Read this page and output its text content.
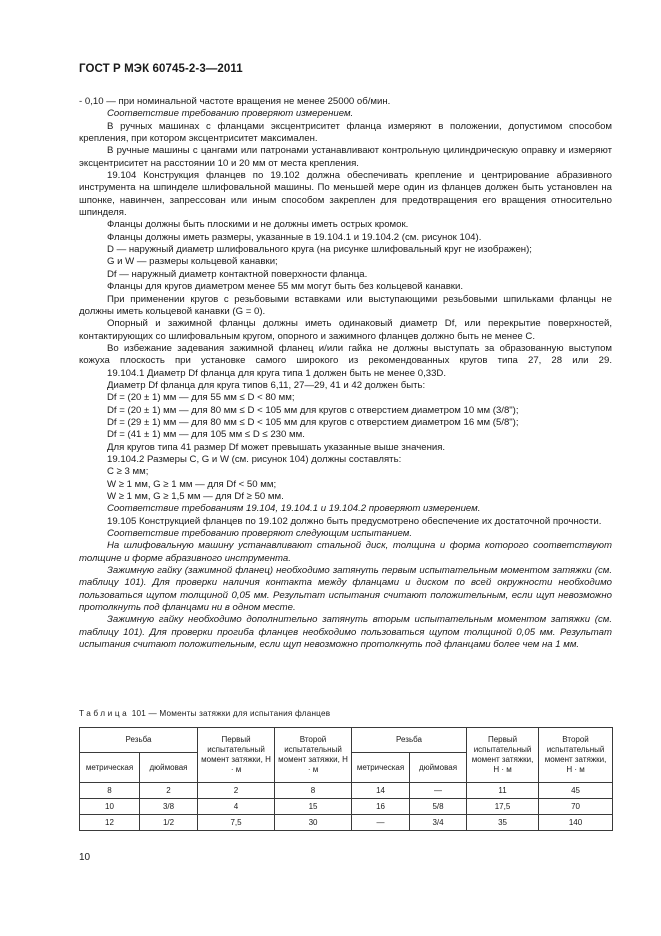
ГОСТ Р МЭК 60745-2-3—2011

- 0,10 — при номинальной частоте вращения не менее 25000 об/мин.

Соответствие требованию проверяют измерением.

В ручных машинах с фланцами эксцентриситет фланца измеряют в положении, допустимом способом крепления, при котором эксцентриситет максимален.

В ручные машины с цангами или патронами устанавливают контрольную цилиндрическую оправку и измеряют эксцентриситет на расстоянии 10 и 20 мм от места крепления.

19.104 Конструкция фланцев по 19.102 должна обеспечивать крепление и центрирование абразивного инструмента на шпинделе шлифовальной машины. По меньшей мере один из фланцев должен быть установлен на шпонке, навинчен, запрессован или иным способом закреплен для предотвращения его вращения относительно шпинделя.

Фланцы должны быть плоскими и не должны иметь острых кромок.

Фланцы должны иметь размеры, указанные в 19.104.1 и 19.104.2 (см. рисунок 104).

D — наружный диаметр шлифовального круга (на рисунке шлифовальный круг не изображен);

G и W — размеры кольцевой канавки;

Df — наружный диаметр контактной поверхности фланца.

Фланцы для кругов диаметром менее 55 мм могут быть без кольцевой канавки.

При применении кругов с резьбовыми вставками или выступающими резьбовыми шпильками фланцы не должны иметь кольцевой канавки (G = 0).

Опорный и зажимной фланцы должны иметь одинаковый диаметр Df, или перекрытие поверхностей, контактирующих со шлифовальным кругом, опорного и зажимного фланцев должно быть не менее C.

Во избежание задевания зажимной фланец и/или гайка не должны выступать за образованную выступом кожуха плоскость при установке самого широкого из рекомендованных кругов типа 27, 28 или 29.

19.104.1 Диаметр Df фланца для круга типа 1 должен быть не менее 0,33D.

Диаметр Df фланца для круга типов 6,11, 27—29, 41 и 42 должен быть:

Df = (20 ± 1) мм — для 55 мм ≤ D < 80 мм;

Df = (20 ± 1) мм — для 80 мм ≤ D < 105 мм для кругов с отверстием диаметром 10 мм (3/8");

Df = (29 ± 1) мм — для 80 мм ≤ D < 105 мм для кругов с отверстием диаметром 16 мм (5/8");

Df = (41 ± 1) мм — для 105 мм ≤ D ≤ 230 мм.

Для кругов типа 41 размер Df может превышать указанные выше значения.

19.104.2 Размеры C, G и W (см. рисунок 104) должны составлять:

C ≥ 3 мм;

W ≥ 1 мм, G ≥ 1 мм — для Df < 50 мм;

W ≥ 1 мм, G ≥ 1,5 мм — для Df ≥ 50 мм.

Соответствие требованиям 19.104, 19.104.1 и 19.104.2 проверяют измерением.

19.105 Конструкцией фланцев по 19.102 должно быть предусмотрено обеспечение их достаточной прочности.

Соответствие требованию проверяют следующим испытанием.

На шлифовальную машину устанавливают стальной диск, толщина и форма которого соответствуют толщине и форме абразивного инструмента.

Зажимную гайку (зажимной фланец) необходимо затянуть первым испытательным моментом затяжки (см. таблицу 101). Для проверки наличия контакта между фланцами и диском по всей окружности необходимо пользоваться щупом толщиной 0,05 мм. Результат испытания считают положительным, если щуп невозможно протолкнуть под фланцами ни в одном месте.

Зажимную гайку необходимо дополнительно затянуть вторым испытательным моментом затяжки (см. таблицу 101). Для проверки прогиба фланцев необходимо пользоваться щупом толщиной 0,05 мм. Результат испытания считают положительным, если щуп невозможно протолкнуть под фланцами более чем на 1 мм.

Таблица 101 — Моменты затяжки для испытания фланцев
Резьба		Первый испытательный момент затяжки, Н · м	Второй испытательный момент затяжки, Н · м	Резьба		Первый испытательный момент затяжки, Н · м	Второй испытательный момент затяжки, Н · м
метрическая	дюймовая			метрическая	дюймовая		
8	2	2	8	14	—	11	45
10	3/8	4	15	16	5/8	17,5	70
12	1/2	7,5	30	—	3/4	35	140
10
